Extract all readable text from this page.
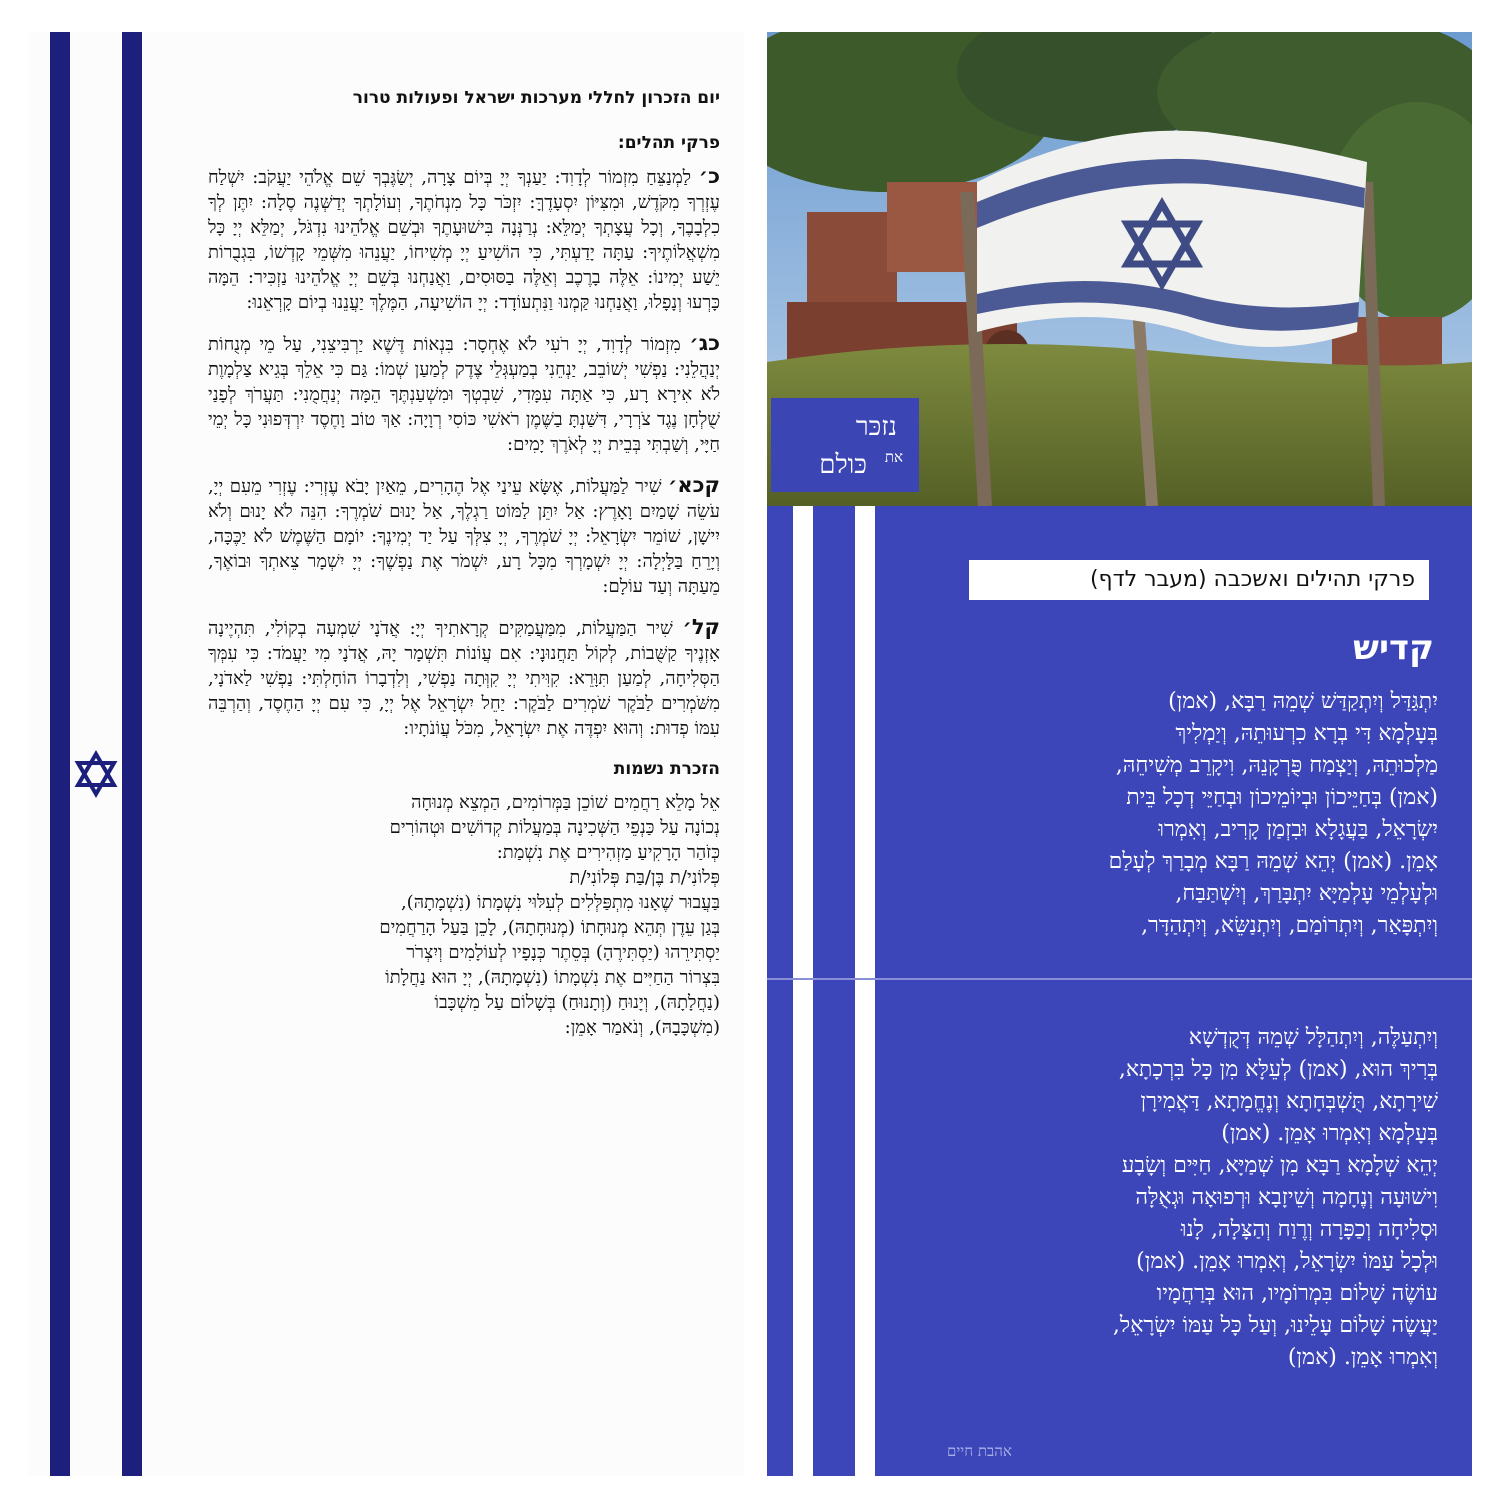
יום הזכרון לחללי מערכות ישראל ופעולות טרור
פרקי תהלים:

כ׳ לַמְנַצֵּחַ מִזְמוֹר לְדָוִד: יַעַנְךָ יְיָ בְּיוֹם צָרָה, יְשַׂגֶּבְךָ שֵׁם אֱלֹהֵי יַעֲקֹב: יִשְׁלַח עֶזְרְךָ מִקֹּדֶשׁ, וּמִצִּיּוֹן יִסְעָדֶךָּ: יִזְכֹּר כָּל מִנְחֹתֶךָ, וְעוֹלָתְךָ יְדַשְּׁנֶה סֶלָה: יִתֶּן לְךָ כִלְבָבֶךָ, וְכָל עֲצָתְךָ יְמַלֵּא: נְרַנְּנָה בִּישׁוּעָתֶךָ וּבְשֵׁם אֱלֹהֵינוּ נִדְגֹּל, יְמַלֵּא יְיָ כָּל מִשְׁאֲלוֹתֶיךָ: עַתָּה יָדַעְתִּי, כִּי הוֹשִׁיעַ יְיָ מְשִׁיחוֹ, יַעֲנֵהוּ מִשְּׁמֵי קָדְשׁוֹ, בִּגְבֻרוֹת יֵשַׁע יְמִינוֹ: אֵלֶּה בָרֶכֶב וְאֵלֶּה בַסּוּסִים, וַאֲנַחְנוּ בְּשֵׁם יְיָ אֱלֹהֵינוּ נַזְכִּיר: הֵמָּה כָּרְעוּ וְנָפָלוּ, וַאֲנַחְנוּ קַּמְנוּ וַנִּתְעוֹדָד: יְיָ הוֹשִׁיעָה, הַמֶּלֶךְ יַעֲנֵנוּ בְיוֹם קָרְאֵנוּ:

כג׳ מִזְמוֹר לְדָוִד, יְיָ רֹעִי לֹא אֶחְסָר: בִּנְאוֹת דֶּשֶׁא יַרְבִּיצֵנִי, עַל מֵי מְנֻחוֹת יְנַהֲלֵנִי: נַפְשִׁי יְשׁוֹבֵב, יַנְחֵנִי בְמַעְגְּלֵי צֶדֶק לְמַעַן שְׁמוֹ: גַּם כִּי אֵלֵךְ בְּגֵיא צַלְמָוֶת לֹא אִירָא רָע, כִּי אַתָּה עִמָּדִי, שִׁבְטְךָ וּמִשְׁעַנְתֶּךָ הֵמָּה יְנַחֲמֻנִי: תַּעֲרֹךְ לְפָנַי שֻׁלְחָן נֶגֶד צֹרְרָי, דִּשַּׁנְתָּ בַשֶּׁמֶן רֹאשִׁי כּוֹסִי רְוָיָה: אַךְ טוֹב וָחֶסֶד יִרְדְּפוּנִי כָּל יְמֵי חַיָּי, וְשַׁבְתִּי בְּבֵית יְיָ לְאֹרֶךְ יָמִים:

קכא׳ שִׁיר לַמַּעֲלוֹת, אֶשָּׂא עֵינַי אֶל הֶהָרִים, מֵאַיִן יָבֹא עֶזְרִי: עֶזְרִי מֵעִם יְיָ, עֹשֵׂה שָׁמַיִם וָאָרֶץ: אַל יִתֵּן לַמּוֹט רַגְלֶךָ, אַל יָנוּם שֹׁמְרֶךָ: הִנֵּה לֹא יָנוּם וְלֹא יִישָׁן, שׁוֹמֵר יִשְׂרָאֵל: יְיָ שֹׁמְרֶךָ, יְיָ צִלְּךָ עַל יַד יְמִינֶךָ: יוֹמָם הַשֶּׁמֶשׁ לֹא יַכֶּכָּה, וְיָרֵחַ בַּלָּיְלָה: יְיָ יִשְׁמָרְךָ מִכָּל רָע, יִשְׁמֹר אֶת נַפְשֶׁךָ: יְיָ יִשְׁמָר צֵאתְךָ וּבוֹאֶךָ, מֵעַתָּה וְעַד עוֹלָם:

קל׳ שִׁיר הַמַּעֲלוֹת, מִמַּעֲמַקִּים קְרָאתִיךָ יְיָ: אֲדֹנָי שִׁמְעָה בְקוֹלִי, תִּהְיֶינָה אָזְנֶיךָ קַשֻּׁבוֹת, לְקוֹל תַּחֲנוּנָי: אִם עֲוֹנוֹת תִּשְׁמָר יָהּ, אֲדֹנָי מִי יַעֲמֹד: כִּי עִמְּךָ הַסְּלִיחָה, לְמַעַן תִּוָּרֵא: קִוִּיתִי יְיָ קִוְּתָה נַפְשִׁי, וְלִדְבָרוֹ הוֹחָלְתִּי: נַפְשִׁי לַאדֹנָי, מִשֹּׁמְרִים לַבֹּקֶר שֹׁמְרִים לַבֹּקֶר: יַחֵל יִשְׂרָאֵל אֶל יְיָ, כִּי עִם יְיָ הַחֶסֶד, וְהַרְבֵּה עִמּוֹ פְדוּת: וְהוּא יִפְדֶּה אֶת יִשְׂרָאֵל, מִכֹּל עֲוֹנֹתָיו:

הזכרת נשמות

אֵל מָלֵא רַחֲמִים שׁוֹכֵן בַּמְּרוֹמִים, הַמְצֵא מְנוּחָה

נְכוֹנָה עַל כַּנְפֵי הַשְּׁכִינָה בְּמַעֲלוֹת קְדוֹשִׁים וּטְהוֹרִים

כְּזֹהַר הָרָקִיעַ מַזְהִירִים אֶת נִשְׁמַת:

פְּלוֹנִי/ת בֶּן/בַּת פְּלוֹנִי/ת

בַּעֲבוּר שֶׁאָנוּ מִתְפַּלְּלִים לְעִלּוּי נִשְׁמָתוֹ (נִשְׁמָתָהּ),

בְּגַן עֵדֶן תְּהֵא מְנוּחָתוֹ (מְנוּחָתָהּ), לָכֵן בַּעַל הָרַחֲמִים

יַסְתִּירֵהוּ (יַסְתִּירֶהָ) בְּסֵתֶר כְּנָפָיו לְעוֹלָמִים וְיִצְרֹר

בִּצְרוֹר הַחַיִּים אֶת נִשְׁמָתוֹ (נִשְׁמָתָהּ), יְיָ הוּא נַחֲלָתוֹ

(נַחֲלָתָהּ), וְיָנוּחַ (וְתָנוּחַ) בְּשָׁלוֹם עַל מִשְׁכָּבוֹ

(מִשְׁכָּבָהּ), וְנֹאמַר אָמֵן:

נזכּר
את
כּולם
פרקי תהילים ואשכבה (מעבר לדף)
קדיש
יִתְגַּדַּל וְיִתְקַדַּשׁ שְׁמֵהּ רַבָּא, (אמן)
בְּעָלְמָא דִּי בְרָא כִרְעוּתֵהּ, וְיַמְלִיךְ
מַלְכוּתֵהּ, וְיַצְמַח פֻּרְקָנֵהּ, וִיקָרֵב מְשִׁיחֵהּ,
(אמן) בְּחַיֵּיכוֹן וּבְיוֹמֵיכוֹן וּבְחַיֵּי דְכָל בֵּית
יִשְׂרָאֵל, בַּעֲגָלָא וּבִזְמַן קָרִיב, וְאִמְרוּ
אָמֵן. (אמן) יְהֵא שְׁמֵהּ רַבָּא מְבָרַךְ לְעָלַם
וּלְעָלְמֵי עָלְמַיָּא יִתְבָּרַךְ, וְיִשְׁתַּבַּח,
וְיִתְפָּאַר, וְיִתְרוֹמַם, וְיִתְנַשֵּׂא, וְיִתְהַדָּר,
וְיִתְעַלֶּה, וְיִתְהַלָּל שְׁמֵהּ דְּקֻדְשָׁא
בְּרִיךְ הוּא, (אמן) לְעֵלָּא מִן כָּל בִּרְכָתָא,
שִׁירָתָא, תֻּשְׁבְּחָתָא וְנֶחֱמָתָא, דַּאֲמִירָן
בְּעָלְמָא וְאִמְרוּ אָמֵן. (אמן)
יְהֵא שְׁלָמָא רַבָּא מִן שְׁמַיָּא, חַיִּים וְשָׂבָע
וִישׁוּעָה וְנֶחָמָה וְשֵׁיזָבָא וּרְפוּאָה וּגְאֻלָּה
וּסְלִיחָה וְכַפָּרָה וְרֶוַח וְהַצָּלָה, לָנוּ
וּלְכָל עַמּוֹ יִשְׂרָאֵל, וְאִמְרוּ אָמֵן. (אמן)
עוֹשֶׂה שָׁלוֹם בִּמְרוֹמָיו, הוּא בְּרַחֲמָיו
יַעֲשֶׂה שָׁלוֹם עָלֵינוּ, וְעַל כָּל עַמּוֹ יִשְׂרָאֵל,
וְאִמְרוּ אָמֵן. (אמן)
אהבת חיים
